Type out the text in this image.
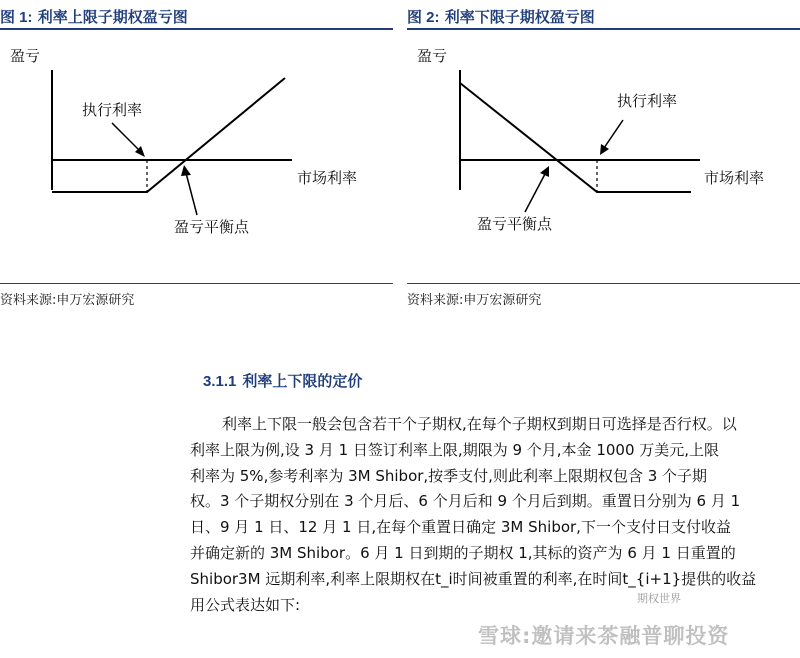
图 1: 利率上限子期权盈亏图
盈亏
市场利率
执行利率
盈亏平衡点
资料来源:申万宏源研究
图 2: 利率下限子期权盈亏图
盈亏
市场利率
执行利率
盈亏平衡点
资料来源:申万宏源研究
3.1.1 利率上下限的定价
利率上下限一般会包含若干个子期权,在每个子期权到期日可选择是否行权。以
利率上限为例,设 3 月 1 日签订利率上限,期限为 9 个月,本金 1000 万美元,上限
利率为 5%,参考利率为 3M Shibor,按季支付,则此利率上限期权包含 3 个子期
权。3 个子期权分别在 3 个月后、6 个月后和 9 个月后到期。重置日分别为 6 月 1
日、9 月 1 日、12 月 1 日,在每个重置日确定 3M Shibor,下一个支付日支付收益
并确定新的 3M Shibor。6 月 1 日到期的子期权 1,其标的资产为 6 月 1 日重置的
Shibor3M 远期利率,利率上限期权在t_i时间被重置的利率,在时间t_{i+1}提供的收益
用公式表达如下:	期权世界
雪球:邀请来茶融普聊投资
